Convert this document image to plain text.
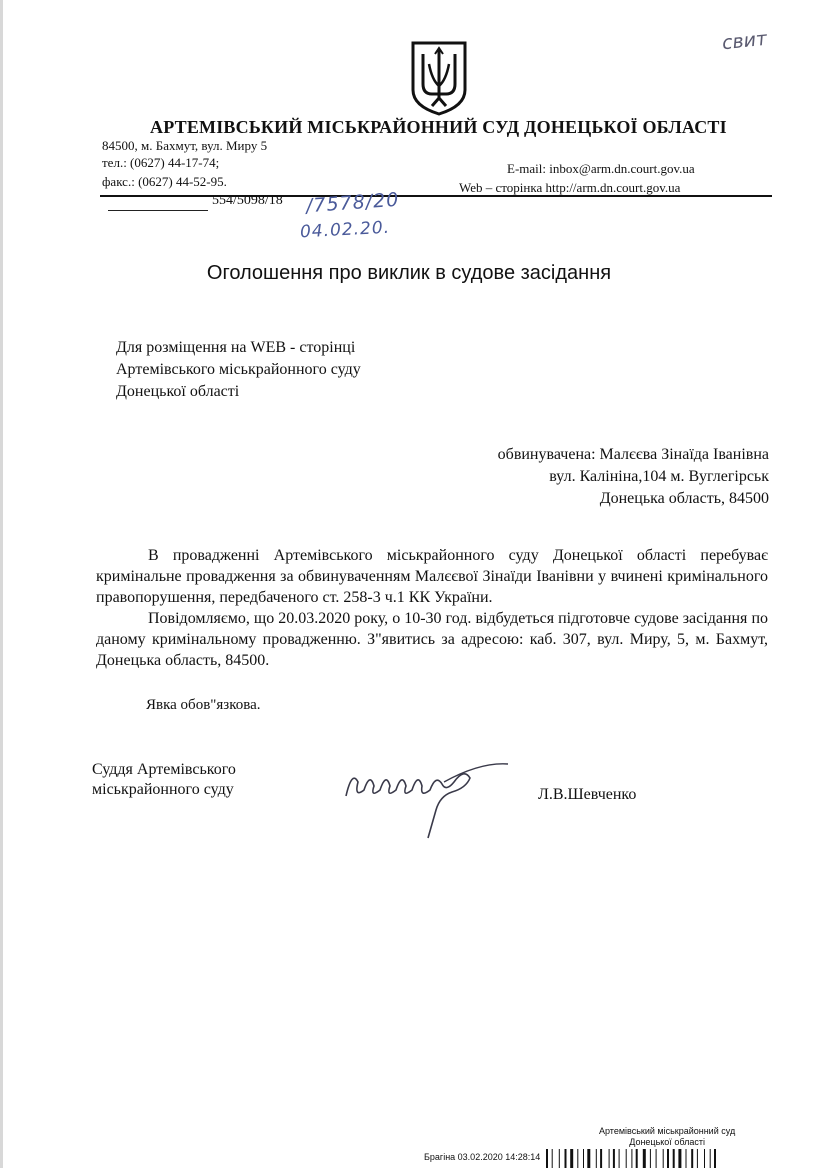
свит
АРТЕМІВСЬКИЙ МІСЬКРАЙОННИЙ СУД ДОНЕЦЬКОЇ ОБЛАСТІ
84500, м. Бахмут, вул. Миру 5
тел.: (0627) 44-17-74;
факс.: (0627) 44-52-95.
E-mail: inbox@arm.dn.court.gov.ua
Web – сторінка http://arm.dn.court.gov.ua
554/5098/18 /7578/20
04.02.20.
Оголошення про виклик в судове засідання
Для розміщення на WEB - сторінці
Артемівського міськрайонного суду
Донецької області
обвинувачена: Малєєва Зінаїда Іванівна
вул. Калініна,104 м. Вуглегірськ
Донецька область, 84500

В провадженні Артемівського міськрайонного суду Донецької області перебуває кримінальне провадження за обвинуваченням Малєєвої Зінаїди Іванівни у вчинені кримінального правопорушення, передбаченого ст. 258-3 ч.1 КК України.

Повідомляємо, що 20.03.2020 року, о 10-30 год. відбудеться підготовче судове засідання по даному кримінальному провадженню. З"явитись за адресою: каб. 307, вул. Миру, 5, м. Бахмут, Донецька область, 84500.

Явка обов"язкова.
Суддя Артемівського
міськрайонного суду	Л.В.Шевченко
Артемівський міськрайонний суд
Донецької області
Брагіна 03.02.2020 14:28:14
